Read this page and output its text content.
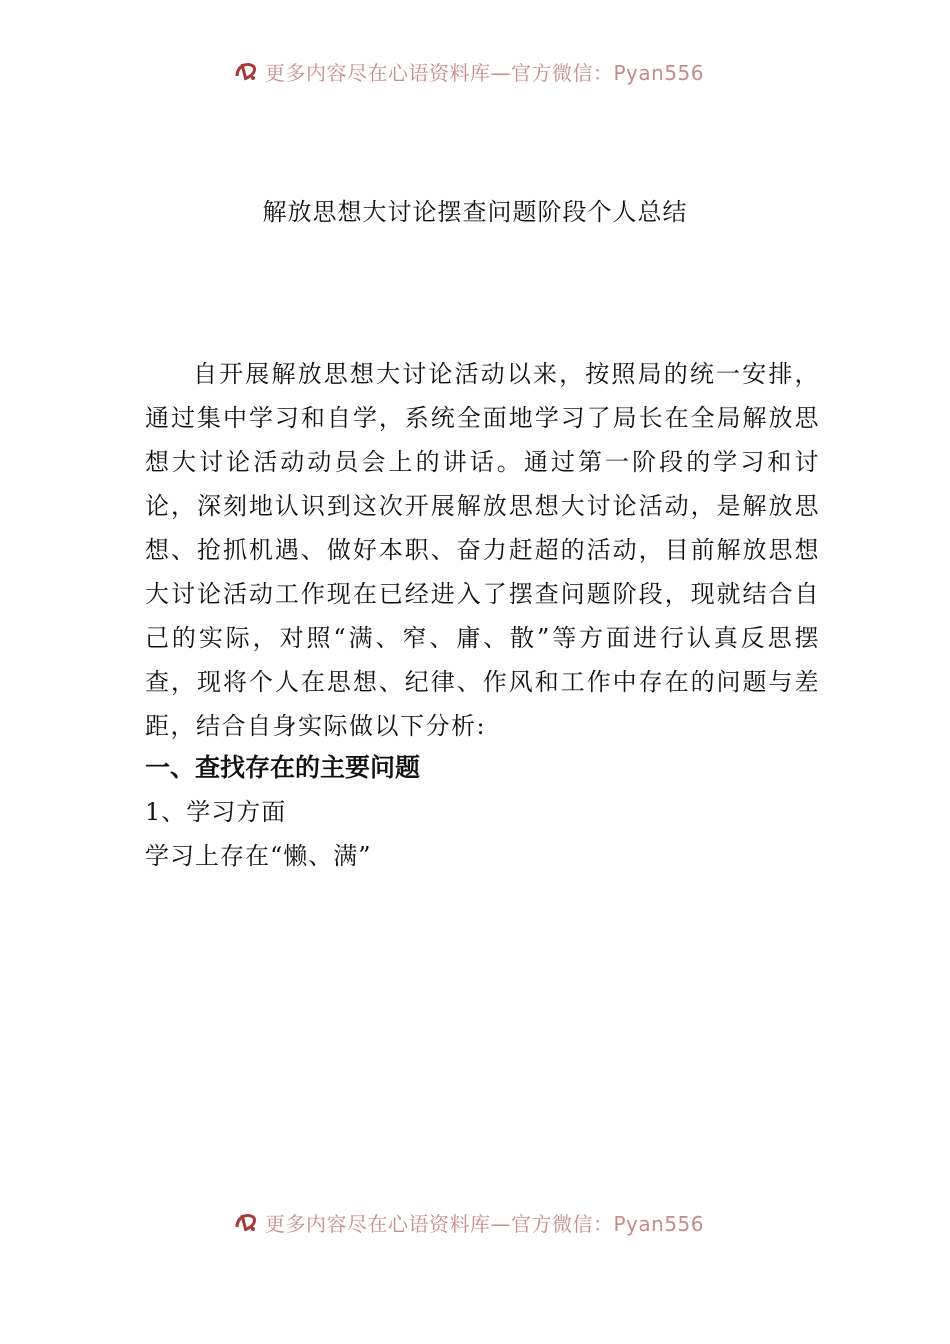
更多内容尽在心语资料库—官方微信：Pyan556
解放思想大讨论摆查问题阶段个人总结

自开展解放思想大讨论活动以来，按照局的统一安排，通过集中学习和自学，系统全面地学习了局长在全局解放思想大讨论活动动员会上的讲话。通过第一阶段的学习和讨论，深刻地认识到这次开展解放思想大讨论活动，是解放思想、抢抓机遇、做好本职、奋力赶超的活动，目前解放思想大讨论活动工作现在已经进入了摆查问题阶段，现就结合自己的实际，对照“满、窄、庸、散”等方面进行认真反思摆查，现将个人在思想、纪律、作风和工作中存在的问题与差距，结合自身实际做以下分析:

一、查找存在的主要问题

1、学习方面

学习上存在“懒、满”

更多内容尽在心语资料库—官方微信：Pyan556
